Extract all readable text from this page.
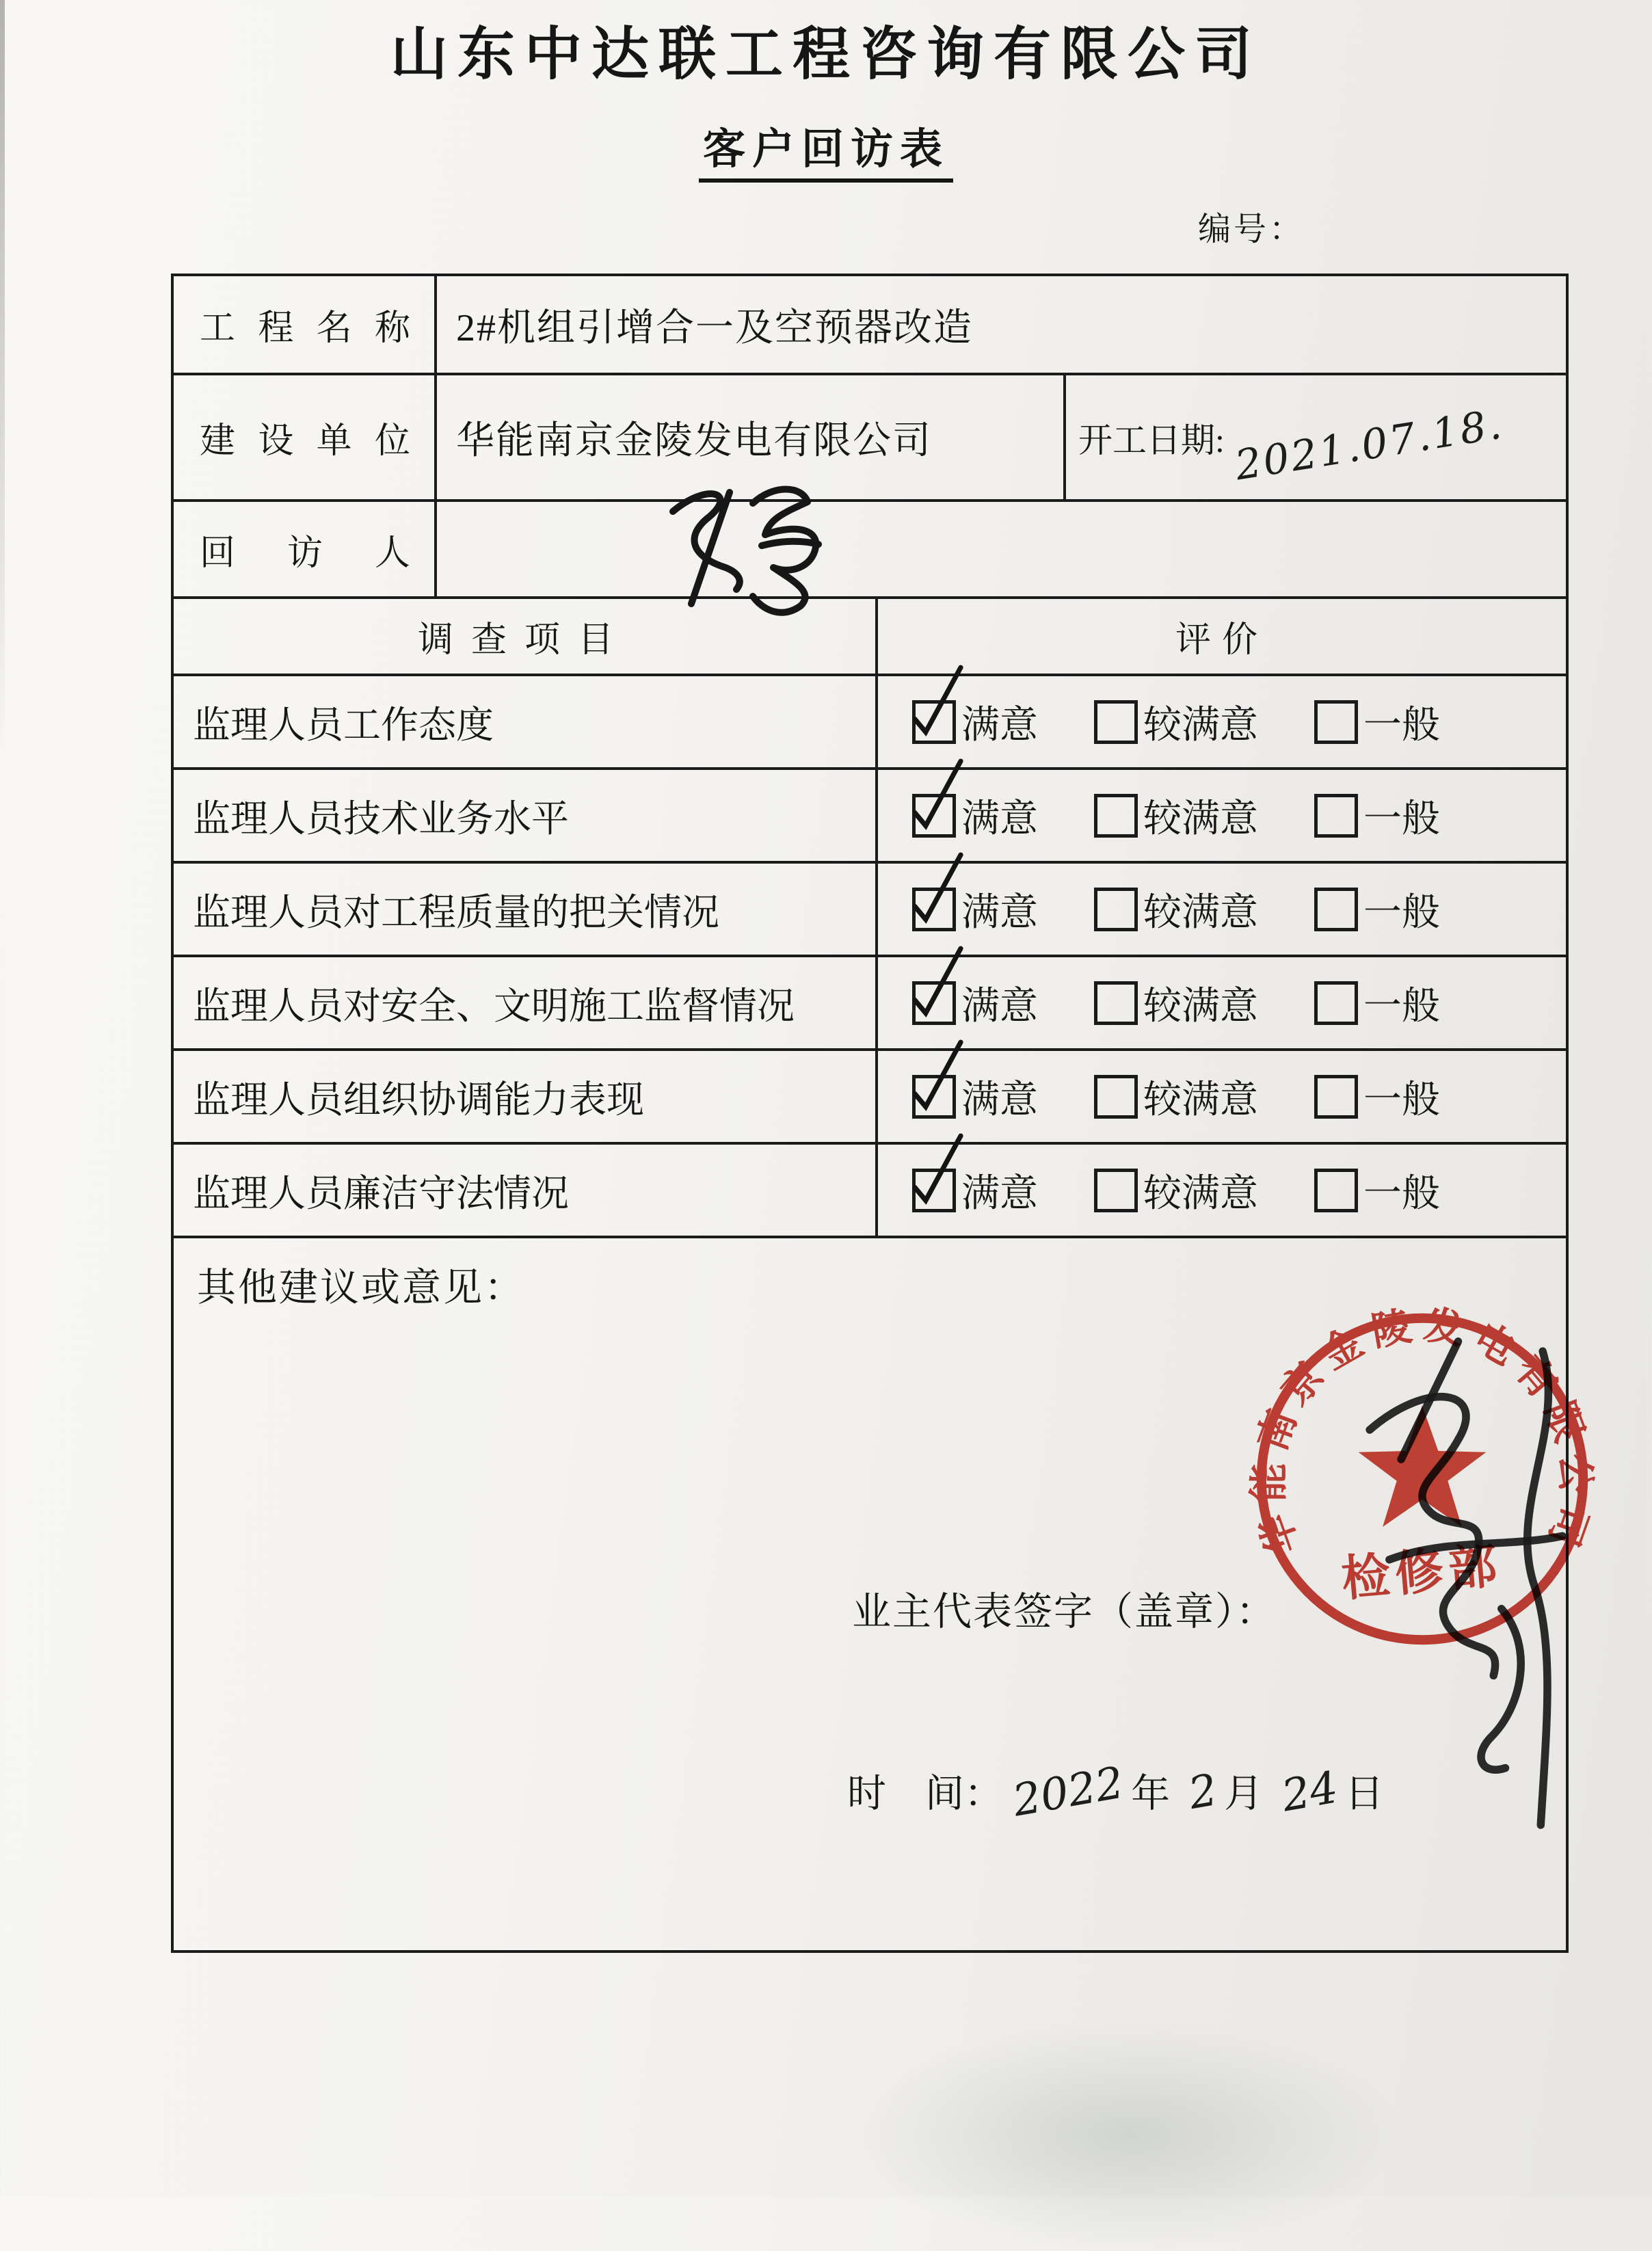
山东中达联工程咨询有限公司
客户回访表
编号：
工程名称	2#机组引增合一及空预器改造		
建设单位	华能南京金陵发电有限公司		开工日期: 2021.07.18.
回访人	

调查项目		评价	
监理人员工作态度		满意 较满意 一般	

监理人员技术业务水平		满意 较满意 一般	

监理人员对工程质量的把关情况		满意 较满意 一般	

监理人员对安全、文明施工监督情况		满意 较满意 一般	

监理人员组织协调能力表现		满意 较满意 一般	

监理人员廉洁守法情况		满意 较满意 一般	

其他建议或意见：
业主代表签字（盖章）：
华能南京金陵发电有限公司
检修部
时　间： 2022年 2月 24日			
